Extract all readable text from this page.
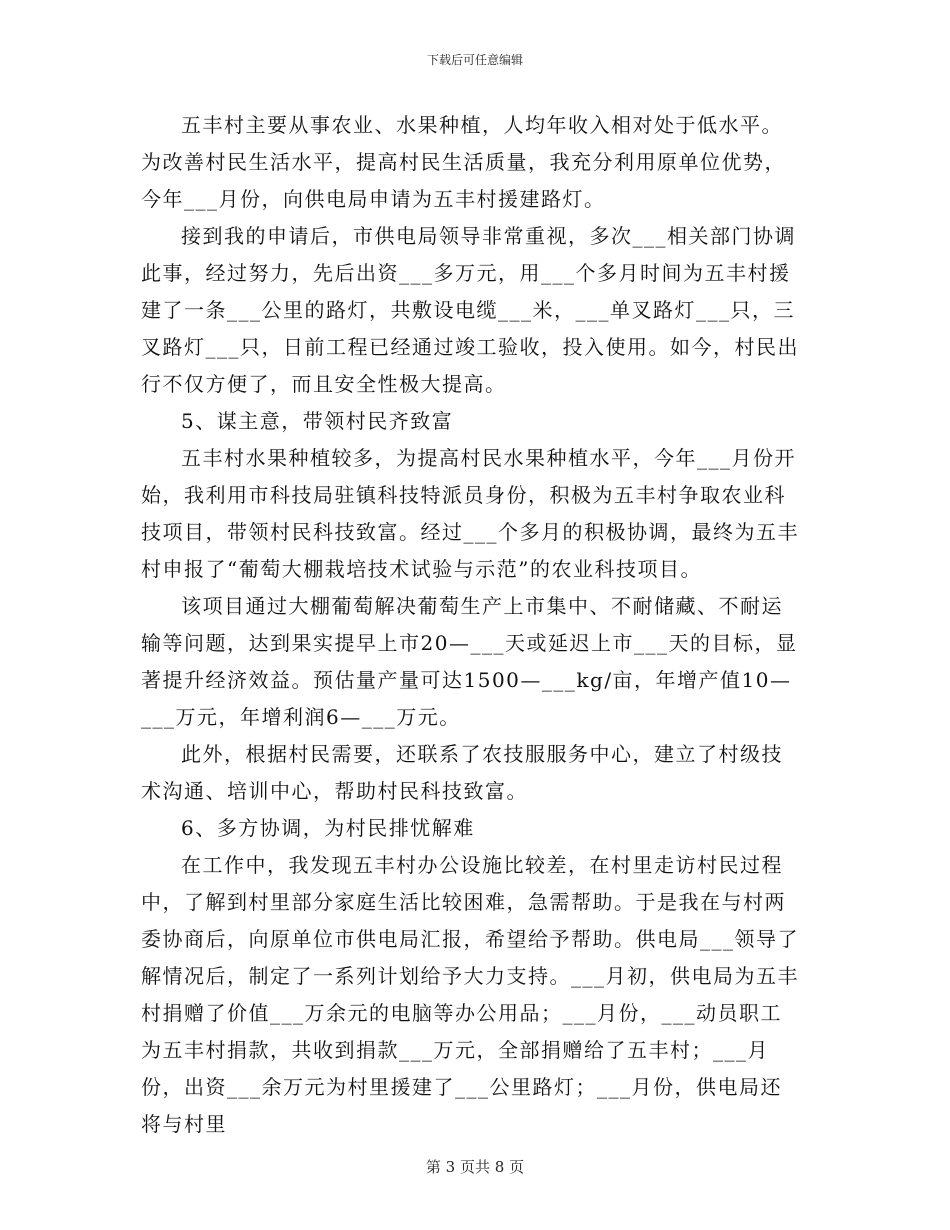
下载后可任意编辑

五丰村主要从事农业、水果种植，人均年收入相对处于低水平。为改善村民生活水平，提高村民生活质量，我充分利用原单位优势，今年___月份，向供电局申请为五丰村援建路灯。

接到我的申请后，市供电局领导非常重视，多次___相关部门协调此事，经过努力，先后出资___多万元，用___个多月时间为五丰村援建了一条___公里的路灯，共敷设电缆___米，___单叉路灯___只，三叉路灯___只，日前工程已经通过竣工验收，投入使用。如今，村民出行不仅方便了，而且安全性极大提高。

5、谋主意，带领村民齐致富

五丰村水果种植较多，为提高村民水果种植水平，今年___月份开始，我利用市科技局驻镇科技特派员身份，积极为五丰村争取农业科技项目，带领村民科技致富。经过___个多月的积极协调，最终为五丰村申报了“葡萄大棚栽培技术试验与示范”的农业科技项目。

该项目通过大棚葡萄解决葡萄生产上市集中、不耐储藏、不耐运输等问题，达到果实提早上市20—___天或延迟上市___天的目标，显著提升经济效益。预估量产量可达1500—___kg/亩，年增产值10—___万元，年增利润6—___万元。

此外，根据村民需要，还联系了农技服服务中心，建立了村级技术沟通、培训中心，帮助村民科技致富。

6、多方协调，为村民排忧解难

在工作中，我发现五丰村办公设施比较差，在村里走访村民过程中，了解到村里部分家庭生活比较困难，急需帮助。于是我在与村两委协商后，向原单位市供电局汇报，希望给予帮助。供电局___领导了解情况后，制定了一系列计划给予大力支持。___月初，供电局为五丰村捐赠了价值___万余元的电脑等办公用品；___月份，___动员职工为五丰村捐款，共收到捐款___万元，全部捐赠给了五丰村；___月份，出资___余万元为村里援建了___公里路灯；___月份，供电局还将与村里

第 3 页共 8 页
